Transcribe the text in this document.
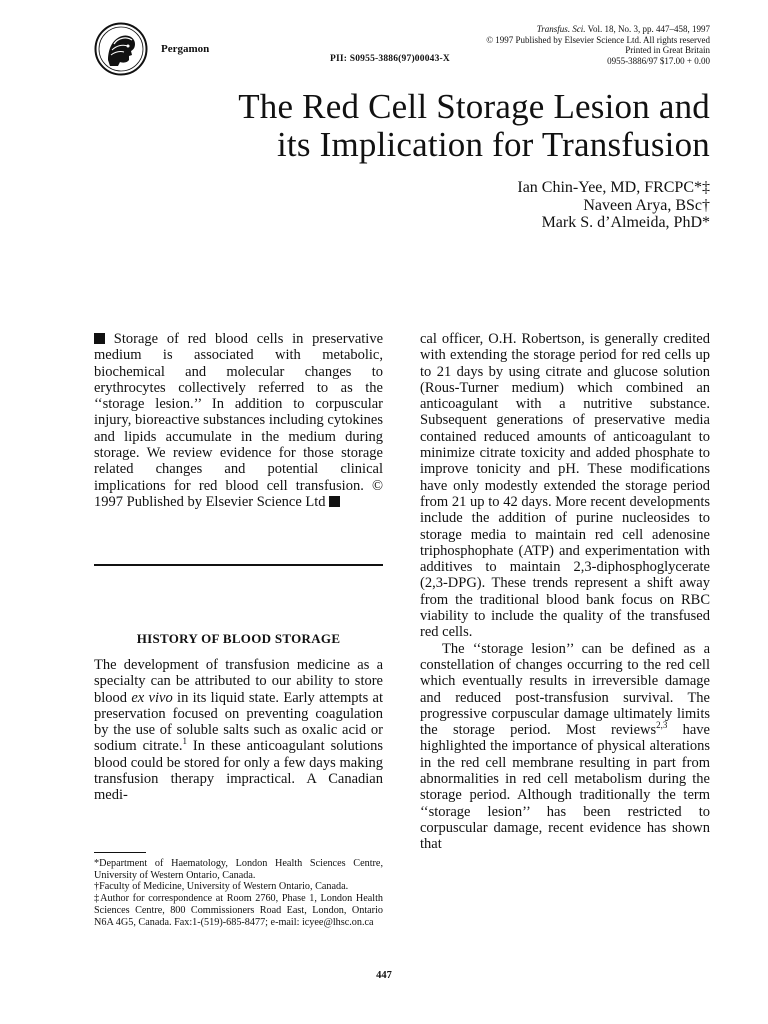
Pergamon
PII: S0955-3886(97)00043-X
Transfus. Sci. Vol. 18, No. 3, pp. 447–458, 1997
© 1997 Published by Elsevier Science Ltd. All rights reserved
Printed in Great Britain
0955-3886/97 $17.00 + 0.00
The Red Cell Storage Lesion and
its Implication for Transfusion
Ian Chin-Yee, MD, FRCPC*‡
Naveen Arya, BSc†
Mark S. d’Almeida, PhD*

Storage of red blood cells in preservative medium is associated with metabolic, biochemical and molecular changes to erythrocytes collectively referred to as the ‘‘storage lesion.’’ In addition to corpuscular injury, bioreactive substances including cytokines and lipids accumulate in the medium during storage. We review evidence for those storage related changes and potential clinical implications for red blood cell transfusion. © 1997 Published by Elsevier Science Ltd

HISTORY OF BLOOD STORAGE

The development of transfusion medicine as a specialty can be attributed to our ability to store blood ex vivo in its liquid state. Early attempts at preservation focused on preventing coagulation by the use of soluble salts such as oxalic acid or sodium citrate.$^1$ In these anticoagulant solutions blood could be stored for only a few days making transfusion therapy impractical. A Canadian medi-

*Department of Haematology, London Health Sciences Centre, University of Western Ontario, Canada.
†Faculty of Medicine, University of Western Ontario, Canada.
‡Author for correspondence at Room 2760, Phase 1, London Health Sciences Centre, 800 Commissioners Road East, London, Ontario N6A 4G5, Canada. Fax:1-(519)-685-8477; e-mail: icyee@lhsc.on.ca

cal officer, O.H. Robertson, is generally credited with extending the storage period for red cells up to 21 days by using citrate and glucose solution (Rous-Turner medium) which combined an anticoagulant with a nutritive substance. Subsequent generations of preservative media contained reduced amounts of anticoagulant to minimize citrate toxicity and added phosphate to improve tonicity and pH. These modifications have only modestly extended the storage period from 21 up to 42 days. More recent developments include the addition of purine nucleosides to storage media to maintain red cell adenosine triphosphophate (ATP) and experimentation with additives to maintain 2,3-diphosphoglycerate (2,3-DPG). These trends represent a shift away from the traditional blood bank focus on RBC viability to include the quality of the transfused red cells.

The ‘‘storage lesion’’ can be defined as a constellation of changes occurring to the red cell which eventually results in irreversible damage and reduced post-transfusion survival. The progressive corpuscular damage ultimately limits the storage period. Most reviews$^{2,3}$ have highlighted the importance of physical alterations in the red cell membrane resulting in part from abnormalities in red cell metabolism during the storage period. Although traditionally the term ‘‘storage lesion’’ has been restricted to corpuscular damage, recent evidence has shown that

447
